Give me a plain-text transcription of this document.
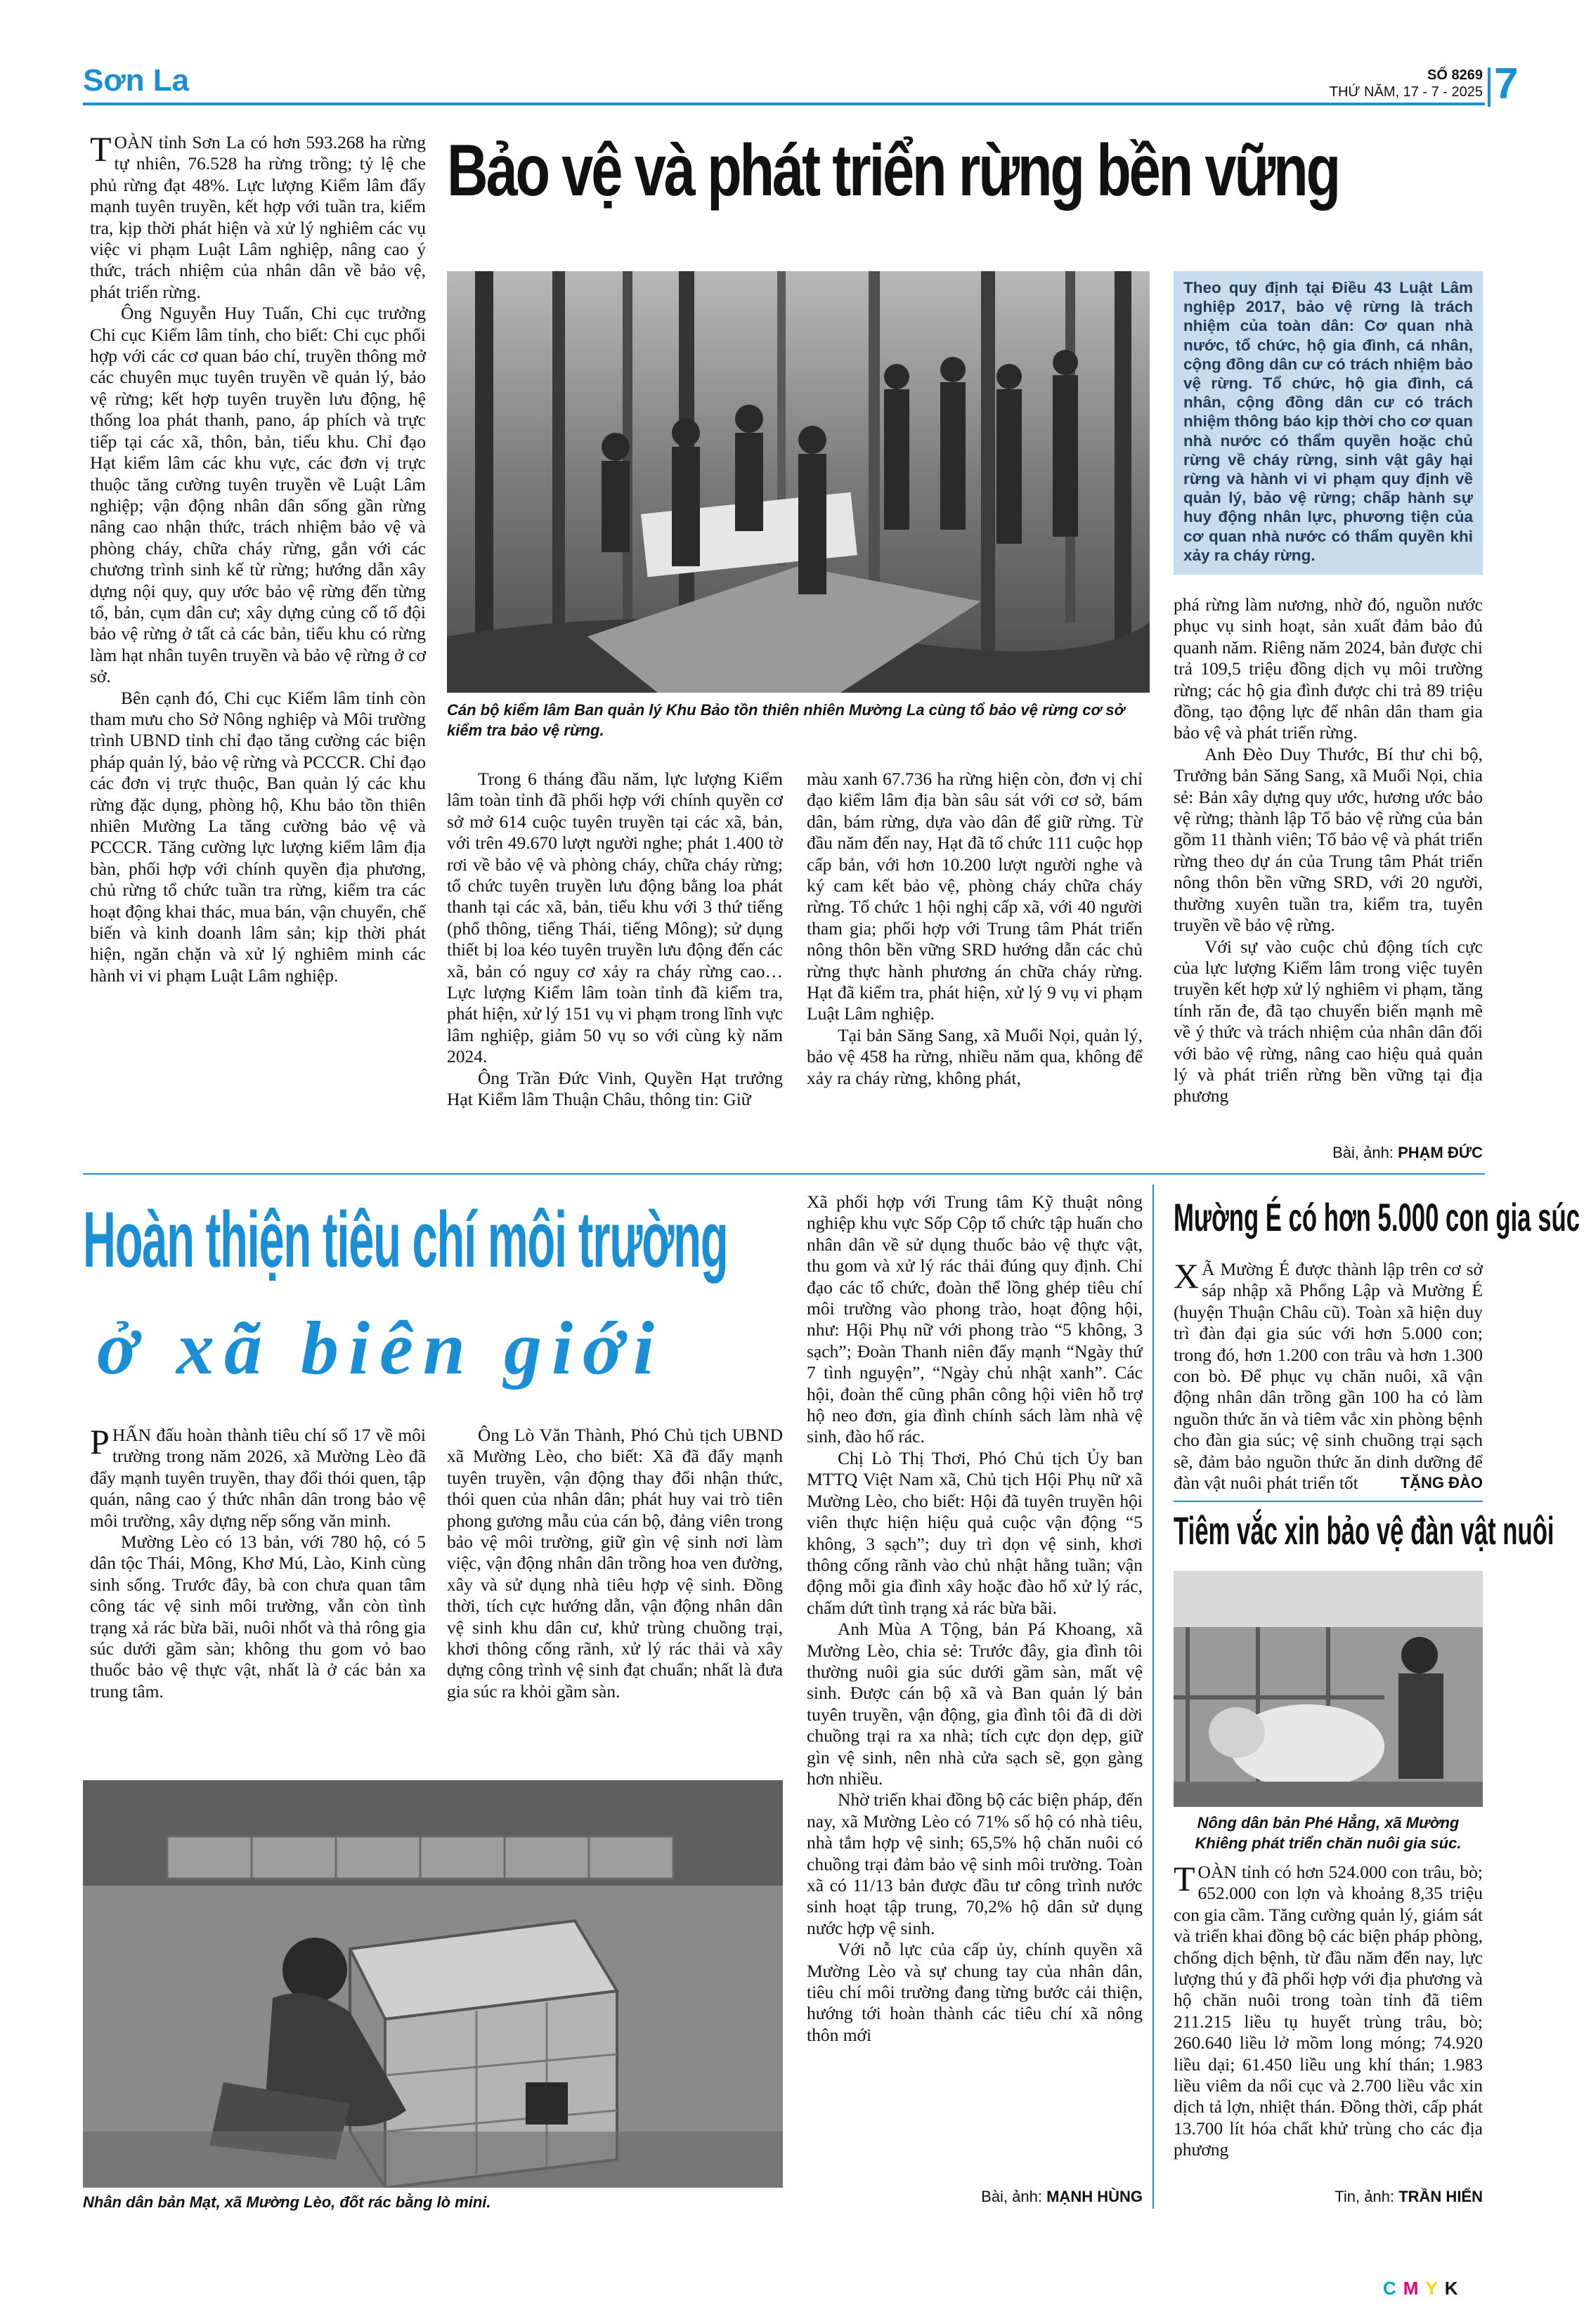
Sơn La	SỐ 8269
THỨ NĂM, 17 - 7 - 2025 7
Bảo vệ và phát triển rừng bền vững
T OÀN tỉnh Sơn La có hơn 593.268 ha rừng tự nhiên, 76.528 ha rừng trồng; tỷ lệ che phủ rừng đạt 48%. Lực lượng Kiểm lâm đẩy mạnh tuyên truyền, kết hợp với tuần tra, kiểm tra, kịp thời phát hiện và xử lý nghiêm các vụ việc vi phạm Luật Lâm nghiệp, nâng cao ý thức, trách nhiệm của nhân dân về bảo vệ, phát triển rừng.

Ông Nguyễn Huy Tuấn, Chi cục trưởng Chi cục Kiểm lâm tỉnh, cho biết: Chi cục phối hợp với các cơ quan báo chí, truyền thông mở các chuyên mục tuyên truyền về quản lý, bảo vệ rừng; kết hợp tuyên truyền lưu động, hệ thống loa phát thanh, pano, áp phích và trực tiếp tại các xã, thôn, bản, tiểu khu. Chỉ đạo Hạt kiểm lâm các khu vực, các đơn vị trực thuộc tăng cường tuyên truyền về Luật Lâm nghiệp; vận động nhân dân sống gần rừng nâng cao nhận thức, trách nhiệm bảo vệ và phòng cháy, chữa cháy rừng, gắn với các chương trình sinh kế từ rừng; hướng dẫn xây dựng nội quy, quy ước bảo vệ rừng đến từng tổ, bản, cụm dân cư; xây dựng củng cố tổ đội bảo vệ rừng ở tất cả các bản, tiểu khu có rừng làm hạt nhân tuyên truyền và bảo vệ rừng ở cơ sở.

Bên cạnh đó, Chi cục Kiểm lâm tỉnh còn tham mưu cho Sở Nông nghiệp và Môi trường trình UBND tỉnh chỉ đạo tăng cường các biện pháp quản lý, bảo vệ rừng và PCCCR. Chỉ đạo các đơn vị trực thuộc, Ban quản lý các khu rừng đặc dụng, phòng hộ, Khu bảo tồn thiên nhiên Mường La tăng cường bảo vệ và PCCCR. Tăng cường lực lượng kiểm lâm địa bàn, phối hợp với chính quyền địa phương, chủ rừng tổ chức tuần tra rừng, kiểm tra các hoạt động khai thác, mua bán, vận chuyển, chế biến và kinh doanh lâm sản; kịp thời phát hiện, ngăn chặn và xử lý nghiêm minh các hành vi vi phạm Luật Lâm nghiệp.

Cán bộ kiểm lâm Ban quản lý Khu Bảo tồn thiên nhiên Mường La cùng tổ bảo vệ rừng cơ sở kiểm tra bảo vệ rừng.
Theo quy định tại Điều 43 Luật Lâm nghiệp 2017, bảo vệ rừng là trách nhiệm của toàn dân: Cơ quan nhà nước, tổ chức, hộ gia đình, cá nhân, cộng đồng dân cư có trách nhiệm bảo vệ rừng. Tổ chức, hộ gia đình, cá nhân, cộng đồng dân cư có trách nhiệm thông báo kịp thời cho cơ quan nhà nước có thẩm quyền hoặc chủ rừng về cháy rừng, sinh vật gây hại rừng và hành vi vi phạm quy định về quản lý, bảo vệ rừng; chấp hành sự huy động nhân lực, phương tiện của cơ quan nhà nước có thẩm quyền khi xảy ra cháy rừng.

Trong 6 tháng đầu năm, lực lượng Kiểm lâm toàn tỉnh đã phối hợp với chính quyền cơ sở mở 614 cuộc tuyên truyền tại các xã, bản, với trên 49.670 lượt người nghe; phát 1.400 tờ rơi về bảo vệ và phòng cháy, chữa cháy rừng; tổ chức tuyên truyền lưu động bằng loa phát thanh tại các xã, bản, tiểu khu với 3 thứ tiếng (phổ thông, tiếng Thái, tiếng Mông); sử dụng thiết bị loa kéo tuyên truyền lưu động đến các xã, bản có nguy cơ xảy ra cháy rừng cao… Lực lượng Kiểm lâm toàn tỉnh đã kiểm tra, phát hiện, xử lý 151 vụ vi phạm trong lĩnh vực lâm nghiệp, giảm 50 vụ so với cùng kỳ năm 2024.

Ông Trần Đức Vinh, Quyền Hạt trưởng Hạt Kiểm lâm Thuận Châu, thông tin: Giữ

màu xanh 67.736 ha rừng hiện còn, đơn vị chỉ đạo kiểm lâm địa bàn sâu sát với cơ sở, bám dân, bám rừng, dựa vào dân để giữ rừng. Từ đầu năm đến nay, Hạt đã tổ chức 111 cuộc họp cấp bản, với hơn 10.200 lượt người nghe và ký cam kết bảo vệ, phòng cháy chữa cháy rừng. Tổ chức 1 hội nghị cấp xã, với 40 người tham gia; phối hợp với Trung tâm Phát triển nông thôn bền vững SRD hướng dẫn các chủ rừng thực hành phương án chữa cháy rừng. Hạt đã kiểm tra, phát hiện, xử lý 9 vụ vi phạm Luật Lâm nghiệp.

Tại bản Săng Sang, xã Muổi Nọi, quản lý, bảo vệ 458 ha rừng, nhiều năm qua, không để xảy ra cháy rừng, không phát,

phá rừng làm nương, nhờ đó, nguồn nước phục vụ sinh hoạt, sản xuất đảm bảo đủ quanh năm. Riêng năm 2024, bản được chi trả 109,5 triệu đồng dịch vụ môi trường rừng; các hộ gia đình được chi trả 89 triệu đồng, tạo động lực để nhân dân tham gia bảo vệ và phát triển rừng.

Anh Đèo Duy Thước, Bí thư chi bộ, Trưởng bản Săng Sang, xã Muổi Nọi, chia sẻ: Bản xây dựng quy ước, hương ước bảo vệ rừng; thành lập Tổ bảo vệ rừng của bản gồm 11 thành viên; Tổ bảo vệ và phát triển rừng theo dự án của Trung tâm Phát triển nông thôn bền vững SRD, với 20 người, thường xuyên tuần tra, kiểm tra, tuyên truyền về bảo vệ rừng.

Với sự vào cuộc chủ động tích cực của lực lượng Kiểm lâm trong việc tuyên truyền kết hợp xử lý nghiêm vi phạm, tăng tính răn đe, đã tạo chuyển biến mạnh mẽ về ý thức và trách nhiệm của nhân dân đối với bảo vệ rừng, nâng cao hiệu quả quản lý và phát triển rừng bền vững tại địa phương

Bài, ảnh: PHẠM ĐỨC
Hoàn thiện tiêu chí môi trường
ở xã biên giới
P HẤN đấu hoàn thành tiêu chí số 17 về môi trường trong năm 2026, xã Mường Lèo đã đẩy mạnh tuyên truyền, thay đổi thói quen, tập quán, nâng cao ý thức nhân dân trong bảo vệ môi trường, xây dựng nếp sống văn minh.

Mường Lèo có 13 bản, với 780 hộ, có 5 dân tộc Thái, Mông, Khơ Mú, Lào, Kinh cùng sinh sống. Trước đây, bà con chưa quan tâm công tác vệ sinh môi trường, vẫn còn tình trạng xả rác bừa bãi, nuôi nhốt và thả rông gia súc dưới gầm sàn; không thu gom vỏ bao thuốc bảo vệ thực vật, nhất là ở các bản xa trung tâm.

Ông Lò Văn Thành, Phó Chủ tịch UBND xã Mường Lèo, cho biết: Xã đã đẩy mạnh tuyên truyền, vận động thay đổi nhận thức, thói quen của nhân dân; phát huy vai trò tiên phong gương mẫu của cán bộ, đảng viên trong bảo vệ môi trường, giữ gìn vệ sinh nơi làm việc, vận động nhân dân trồng hoa ven đường, xây và sử dụng nhà tiêu hợp vệ sinh. Đồng thời, tích cực hướng dẫn, vận động nhân dân vệ sinh khu dân cư, khử trùng chuồng trại, khơi thông cống rãnh, xử lý rác thải và xây dựng công trình vệ sinh đạt chuẩn; nhất là đưa gia súc ra khỏi gầm sàn.

Xã phối hợp với Trung tâm Kỹ thuật nông nghiệp khu vực Sốp Cộp tổ chức tập huấn cho nhân dân về sử dụng thuốc bảo vệ thực vật, thu gom và xử lý rác thải đúng quy định. Chỉ đạo các tổ chức, đoàn thể lồng ghép tiêu chí môi trường vào phong trào, hoạt động hội, như: Hội Phụ nữ với phong trào “5 không, 3 sạch”; Đoàn Thanh niên đẩy mạnh “Ngày thứ 7 tình nguyện”, “Ngày chủ nhật xanh”. Các hội, đoàn thể cũng phân công hội viên hỗ trợ hộ neo đơn, gia đình chính sách làm nhà vệ sinh, đào hố rác.

Chị Lò Thị Thơi, Phó Chủ tịch Ủy ban MTTQ Việt Nam xã, Chủ tịch Hội Phụ nữ xã Mường Lèo, cho biết: Hội đã tuyên truyền hội viên thực hiện hiệu quả cuộc vận động “5 không, 3 sạch”; duy trì dọn vệ sinh, khơi thông cống rãnh vào chủ nhật hằng tuần; vận động mỗi gia đình xây hoặc đào hố xử lý rác, chấm dứt tình trạng xả rác bừa bãi.

Anh Mùa A Tộng, bản Pá Khoang, xã Mường Lèo, chia sẻ: Trước đây, gia đình tôi thường nuôi gia súc dưới gầm sàn, mất vệ sinh. Được cán bộ xã và Ban quản lý bản tuyên truyền, vận động, gia đình tôi đã di dời chuồng trại ra xa nhà; tích cực dọn dẹp, giữ gìn vệ sinh, nên nhà cửa sạch sẽ, gọn gàng hơn nhiều.

Nhờ triển khai đồng bộ các biện pháp, đến nay, xã Mường Lèo có 71% số hộ có nhà tiêu, nhà tắm hợp vệ sinh; 65,5% hộ chăn nuôi có chuồng trại đảm bảo vệ sinh môi trường. Toàn xã có 11/13 bản được đầu tư công trình nước sinh hoạt tập trung, 70,2% hộ dân sử dụng nước hợp vệ sinh.

Với nỗ lực của cấp ủy, chính quyền xã Mường Lèo và sự chung tay của nhân dân, tiêu chí môi trường đang từng bước cải thiện, hướng tới hoàn thành các tiêu chí xã nông thôn mới

Bài, ảnh: MẠNH HÙNG
Nhân dân bản Mạt, xã Mường Lèo, đốt rác bằng lò mini.
Mường É có hơn 5.000 con gia súc
X Ã Mường É được thành lập trên cơ sở sáp nhập xã Phổng Lập và Mường É (huyện Thuận Châu cũ). Toàn xã hiện duy trì đàn đại gia súc với hơn 5.000 con; trong đó, hơn 1.200 con trâu và hơn 1.300 con bò. Để phục vụ chăn nuôi, xã vận động nhân dân trồng gần 100 ha cỏ làm nguồn thức ăn và tiêm vắc xin phòng bệnh cho đàn gia súc; vệ sinh chuồng trại sạch sẽ, đảm bảo nguồn thức ăn dinh dưỡng để đàn vật nuôi phát triển tốt	TẶNG ĐÀO
Tiêm vắc xin bảo vệ đàn vật nuôi
Nông dân bản Phé Hẳng, xã Mường Khiêng phát triển chăn nuôi gia súc.
T OÀN tỉnh có hơn 524.000 con trâu, bò; 652.000 con lợn và khoảng 8,35 triệu con gia cầm. Tăng cường quản lý, giám sát và triển khai đồng bộ các biện pháp phòng, chống dịch bệnh, từ đầu năm đến nay, lực lượng thú y đã phối hợp với địa phương và hộ chăn nuôi trong toàn tỉnh đã tiêm 211.215 liều tụ huyết trùng trâu, bò; 260.640 liều lở mồm long móng; 74.920 liều dại; 61.450 liều ung khí thán; 1.983 liều viêm da nổi cục và 2.700 liều vắc xin dịch tả lợn, nhiệt thán. Đồng thời, cấp phát 13.700 lít hóa chất khử trùng cho các địa phương

Tin, ảnh: TRẦN HIỂN
CMYK
